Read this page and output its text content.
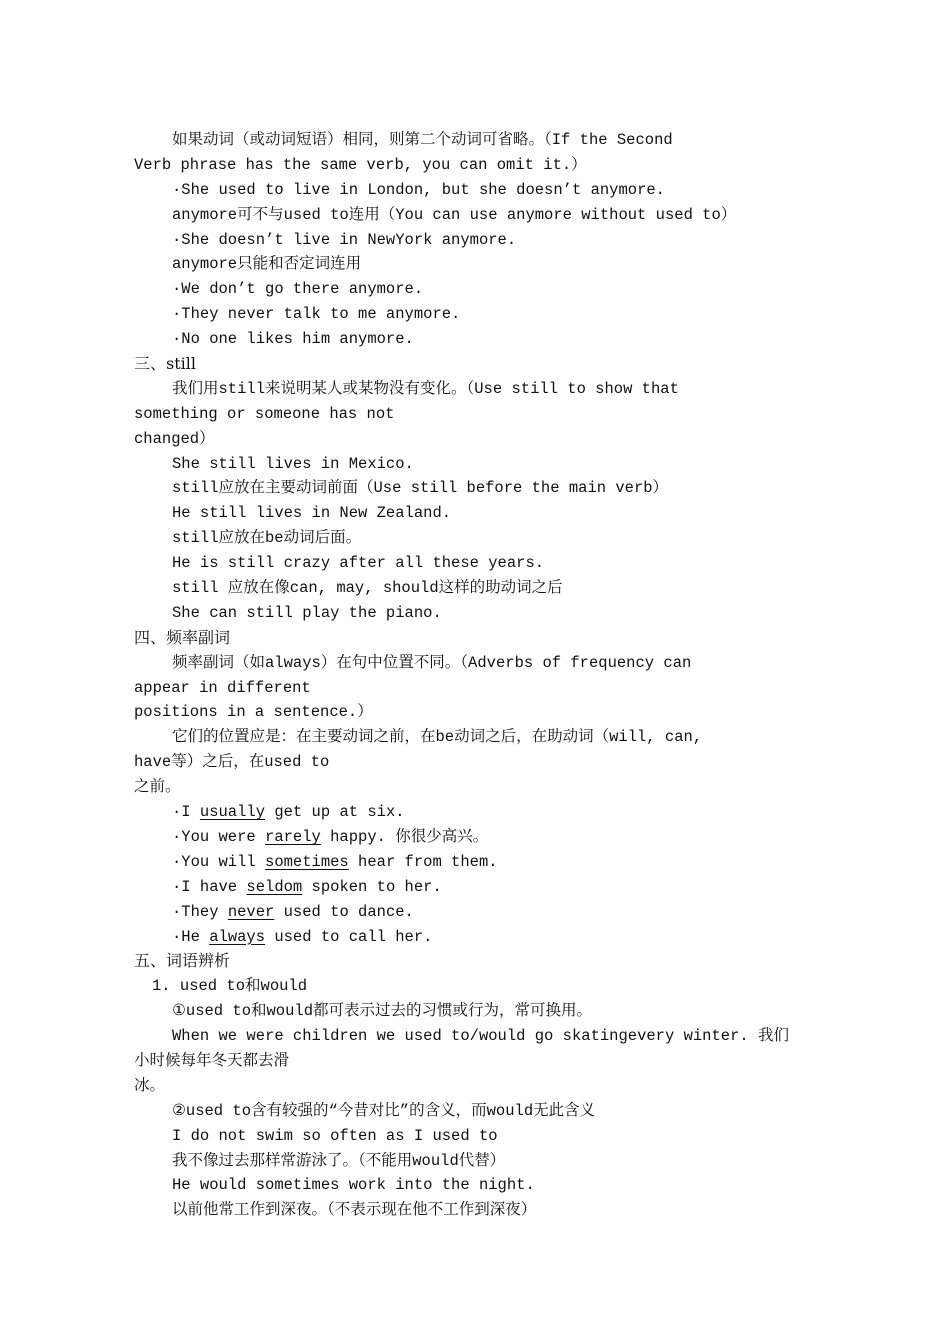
如果动词（或动词短语）相同，则第二个动词可省略。（If the Second
Verb phrase has the same verb, you can omit it.）
·She used to live in London, but she doesn’t anymore.
anymore可不与used to连用（You can use anymore without used to）
·She doesn’t live in NewYork anymore.
anymore只能和否定词连用
·We don’t go there anymore.
·They never talk to me anymore.
·No one likes him anymore.
三、still
我们用still来说明某人或某物没有变化。（Use still to show that
something or someone has not
changed）
She still lives in Mexico.
still应放在主要动词前面（Use still before the main verb）
He still lives in New Zealand.
still应放在be动词后面。
He is still crazy after all these years.
still 应放在像can, may, should这样的助动词之后
She can still play the piano.
四、频率副词
频率副词（如always）在句中位置不同。（Adverbs of frequency can
appear in different
positions in a sentence.）
它们的位置应是：在主要动词之前，在be动词之后，在助动词（will, can,
have等）之后，在used to
之前。
·I usually get up at six.
·You were rarely happy. 你很少高兴。
·You will sometimes hear from them.
·I have seldom spoken to her.
·They never used to dance.
·He always used to call her.
五、词语辨析
1. used to和would
①used to和would都可表示过去的习惯或行为，常可换用。
When we were children we used to/would go skatingevery winter. 我们
小时候每年冬天都去滑
冰。
②used to含有较强的“今昔对比”的含义，而would无此含义
I do not swim so often as I used to
我不像过去那样常游泳了。（不能用would代替）
He would sometimes work into the night.
以前他常工作到深夜。（不表示现在他不工作到深夜）
